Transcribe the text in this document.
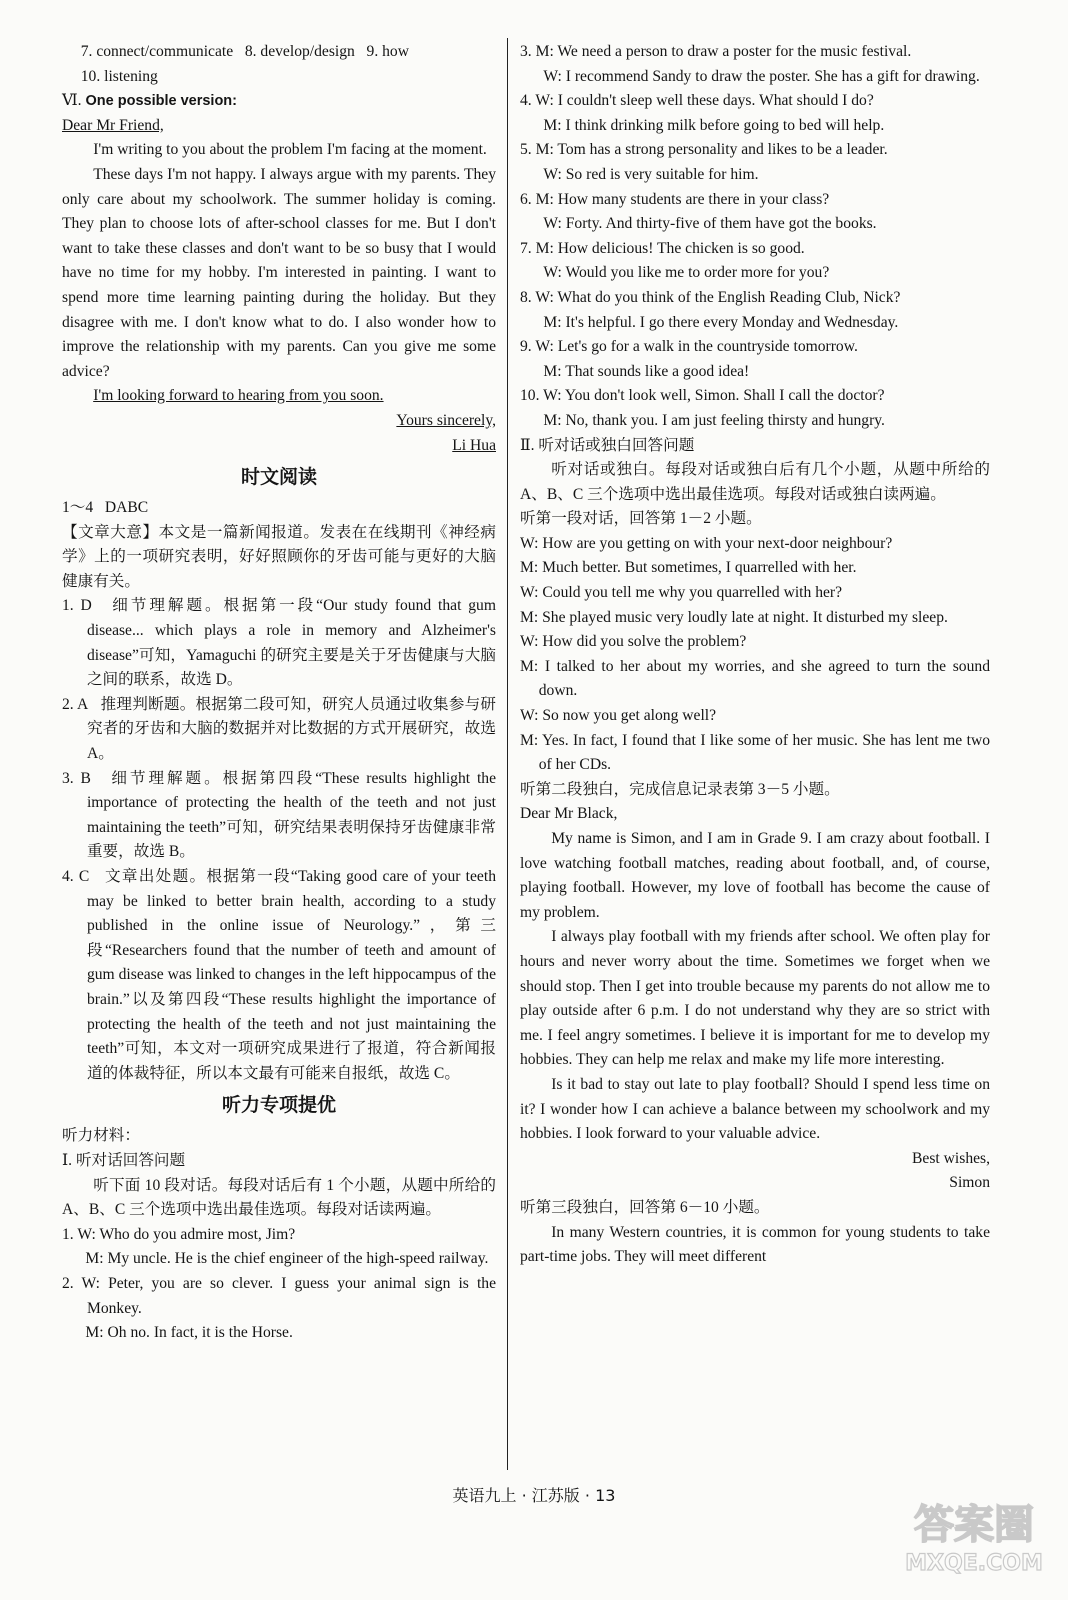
7. connect/communicate   8. develop/design   9. how

10. listening

Ⅵ. One possible version:

Dear Mr Friend,

I'm writing to you about the problem I'm facing at the moment.

These days I'm not happy. I always argue with my parents. They only care about my schoolwork. The summer holiday is coming. They plan to choose lots of after-school classes for me. But I don't want to take these classes and don't want to be so busy that I would have no time for my hobby. I'm interested in painting. I want to spend more time learning painting during the holiday. But they disagree with me. I don't know what to do. I also wonder how to improve the relationship with my parents. Can you give me some advice?

I'm looking forward to hearing from you soon.

Yours sincerely,

Li Hua

时文阅读

1～4   DABC

【文章大意】本文是一篇新闻报道。发表在在线期刊《神经病学》上的一项研究表明，好好照顾你的牙齿可能与更好的大脑健康有关。

1. D   细节理解题。根据第一段“Our study found that gum disease... which plays a role in memory and Alzheimer's disease”可知，Yamaguchi 的研究主要是关于牙齿健康与大脑之间的联系，故选 D。

2. A   推理判断题。根据第二段可知，研究人员通过收集参与研究者的牙齿和大脑的数据并对比数据的方式开展研究，故选 A。

3. B   细节理解题。根据第四段“These results highlight the importance of protecting the health of the teeth and not just maintaining the teeth”可知，研究结果表明保持牙齿健康非常重要，故选 B。

4. C   文章出处题。根据第一段“Taking good care of your teeth may be linked to better brain health, according to a study published in the online issue of Neurology.”，第三段“Researchers found that the number of teeth and amount of gum disease was linked to changes in the left hippocampus of the brain.”以及第四段“These results highlight the importance of protecting the health of the teeth and not just maintaining the teeth”可知，本文对一项研究成果进行了报道，符合新闻报道的体裁特征，所以本文最有可能来自报纸，故选 C。

听力专项提优

听力材料：

Ⅰ. 听对话回答问题

听下面 10 段对话。每段对话后有 1 个小题，从题中所给的 A、B、C 三个选项中选出最佳选项。每段对话读两遍。

1. W: Who do you admire most, Jim?

M: My uncle. He is the chief engineer of the high-speed railway.

2. W: Peter, you are so clever. I guess your animal sign is the Monkey.

M: Oh no. In fact, it is the Horse.

3. M: We need a person to draw a poster for the music festival.

W: I recommend Sandy to draw the poster. She has a gift for drawing.

4. W: I couldn't sleep well these days. What should I do?

M: I think drinking milk before going to bed will help.

5. M: Tom has a strong personality and likes to be a leader.

W: So red is very suitable for him.

6. M: How many students are there in your class?

W: Forty. And thirty-five of them have got the books.

7. M: How delicious! The chicken is so good.

W: Would you like me to order more for you?

8. W: What do you think of the English Reading Club, Nick?

M: It's helpful. I go there every Monday and Wednesday.

9. W: Let's go for a walk in the countryside tomorrow.

M: That sounds like a good idea!

10. W: You don't look well, Simon. Shall I call the doctor?

M: No, thank you. I am just feeling thirsty and hungry.

Ⅱ. 听对话或独白回答问题

听对话或独白。每段对话或独白后有几个小题，从题中所给的 A、B、C 三个选项中选出最佳选项。每段对话或独白读两遍。

听第一段对话，回答第 1－2 小题。

W: How are you getting on with your next-door neighbour?

M: Much better. But sometimes, I quarrelled with her.

W: Could you tell me why you quarrelled with her?

M: She played music very loudly late at night. It disturbed my sleep.

W: How did you solve the problem?

M: I talked to her about my worries, and she agreed to turn the sound down.

W: So now you get along well?

M: Yes. In fact, I found that I like some of her music. She has lent me two of her CDs.

听第二段独白，完成信息记录表第 3－5 小题。

Dear Mr Black,

My name is Simon, and I am in Grade 9. I am crazy about football. I love watching football matches, reading about football, and, of course, playing football. However, my love of football has become the cause of my problem.

I always play football with my friends after school. We often play for hours and never worry about the time. Sometimes we forget when we should stop. Then I get into trouble because my parents do not allow me to play outside after 6 p.m. I do not understand why they are so strict with me. I feel angry sometimes. I believe it is important for me to develop my hobbies. They can help me relax and make my life more interesting.

Is it bad to stay out late to play football? Should I spend less time on it? I wonder how I can achieve a balance between my schoolwork and my hobbies. I look forward to your valuable advice.

Best wishes,

Simon

听第三段独白，回答第 6－10 小题。

In many Western countries, it is common for young students to take part-time jobs. They will meet different

英语九上 · 江苏版 · 13
答案圈
MXQE.COM
